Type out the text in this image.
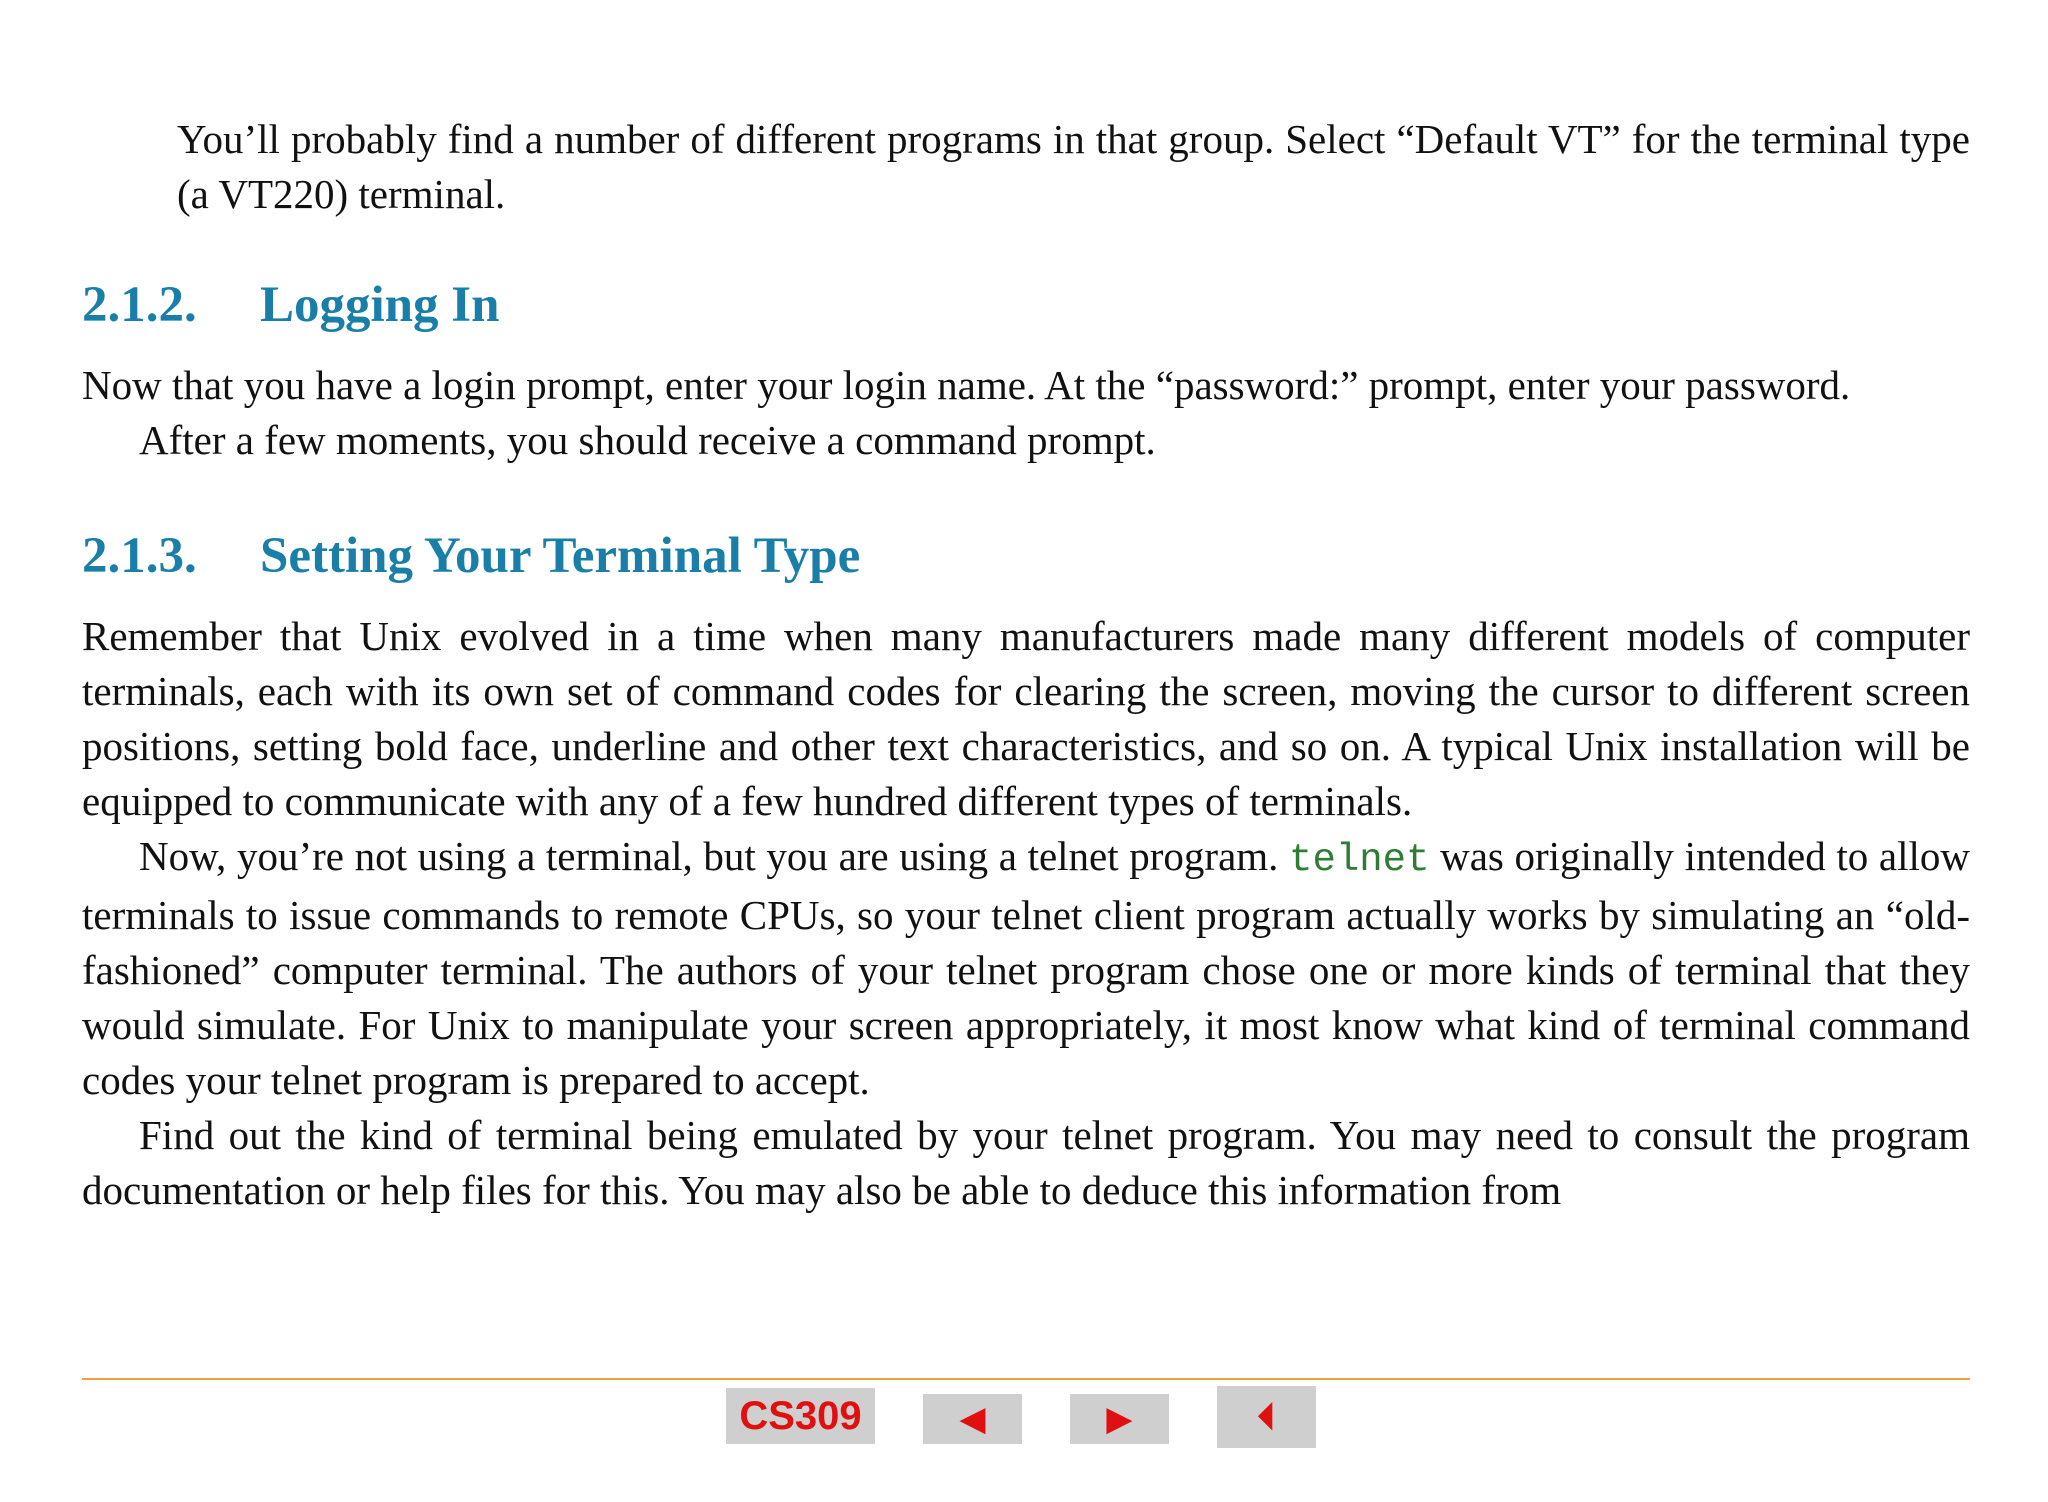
You’ll probably find a number of different programs in that group. Select “Default VT” for the terminal type (a VT220) terminal.

2.1.2. Logging In

Now that you have a login prompt, enter your login name. At the “password:” prompt, enter your password.

After a few moments, you should receive a command prompt.

2.1.3. Setting Your Terminal Type

Remember that Unix evolved in a time when many manufacturers made many different models of computer terminals, each with its own set of command codes for clearing the screen, moving the cursor to different screen positions, setting bold face, underline and other text characteristics, and so on. A typical Unix installation will be equipped to communicate with any of a few hundred different types of terminals.

Now, you’re not using a terminal, but you are using a telnet program. telnet was originally intended to allow terminals to issue commands to remote CPUs, so your telnet client program actually works by simulating an “old-fashioned” computer terminal. The authors of your telnet program chose one or more kinds of terminal that they would simulate. For Unix to manipulate your screen appropriately, it most know what kind of terminal command codes your telnet program is prepared to accept.

Find out the kind of terminal being emulated by your telnet program. You may need to consult the program documentation or help files for this. You may also be able to deduce this information from

CS309	◀	▶	⏴
